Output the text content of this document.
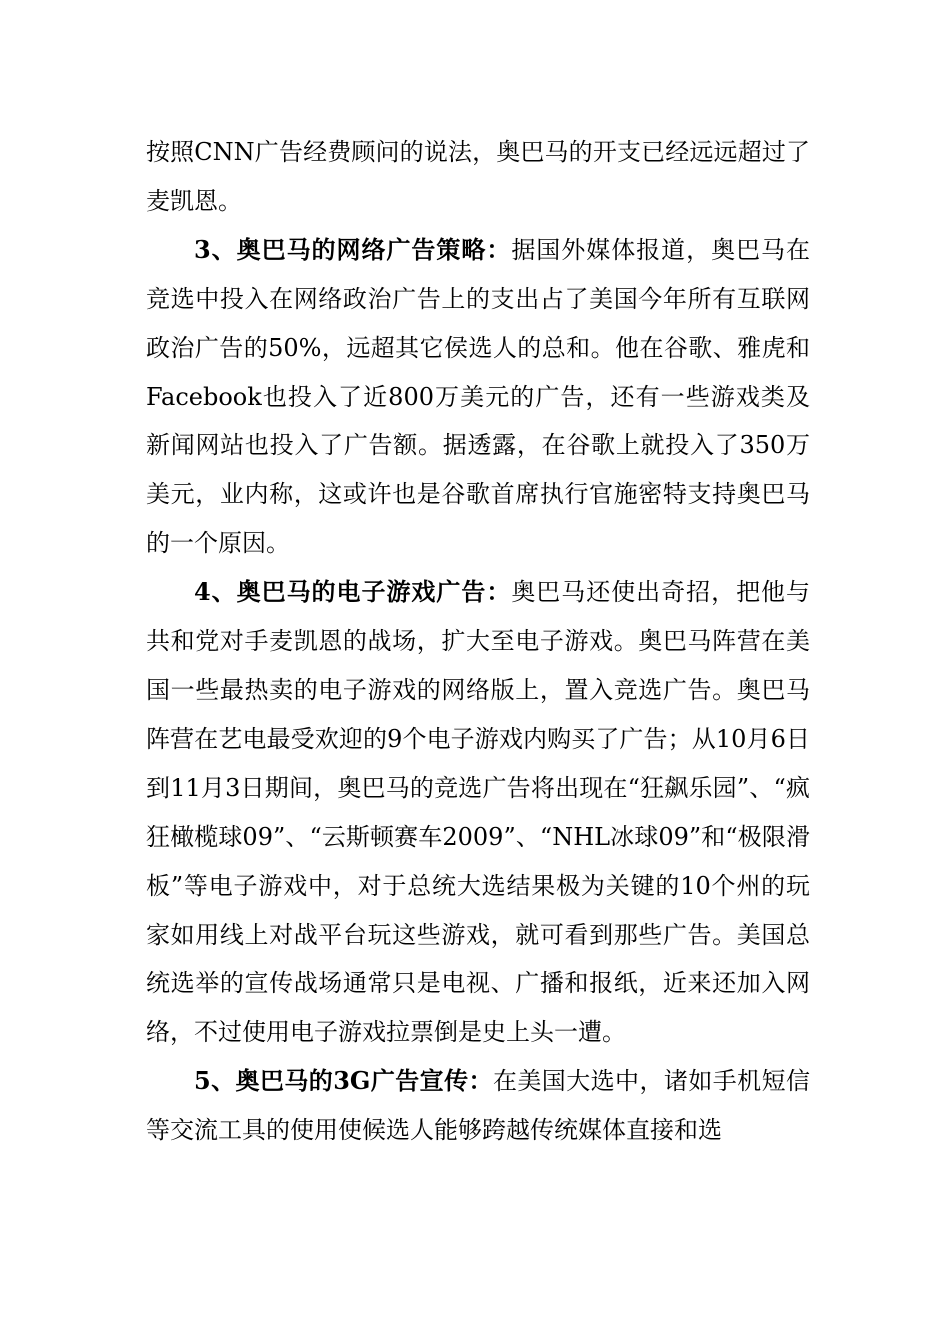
按照CNN广告经费顾问的说法，奥巴马的开支已经远远超过了麦凯恩。

3、奥巴马的网络广告策略：据国外媒体报道，奥巴马在竞选中投入在网络政治广告上的支出占了美国今年所有互联网政治广告的50%，远超其它侯选人的总和。他在谷歌、雅虎和Facebook也投入了近800万美元的广告，还有一些游戏类及新闻网站也投入了广告额。据透露，在谷歌上就投入了350万美元，业内称，这或许也是谷歌首席执行官施密特支持奥巴马的一个原因。

4、奥巴马的电子游戏广告：奥巴马还使出奇招，把他与共和党对手麦凯恩的战场，扩大至电子游戏。奥巴马阵营在美国一些最热卖的电子游戏的网络版上，置入竞选广告。奥巴马阵营在艺电最受欢迎的9个电子游戏内购买了广告；从10月6日到11月3日期间，奥巴马的竞选广告将出现在“狂飙乐园”、“疯狂橄榄球09”、“云斯顿赛车2009”、“NHL冰球09”和“极限滑板”等电子游戏中，对于总统大选结果极为关键的10个州的玩家如用线上对战平台玩这些游戏，就可看到那些广告。美国总统选举的宣传战场通常只是电视、广播和报纸，近来还加入网络，不过使用电子游戏拉票倒是史上头一遭。

5、奥巴马的3G广告宣传：在美国大选中，诸如手机短信等交流工具的使用使候选人能够跨越传统媒体直接和选
